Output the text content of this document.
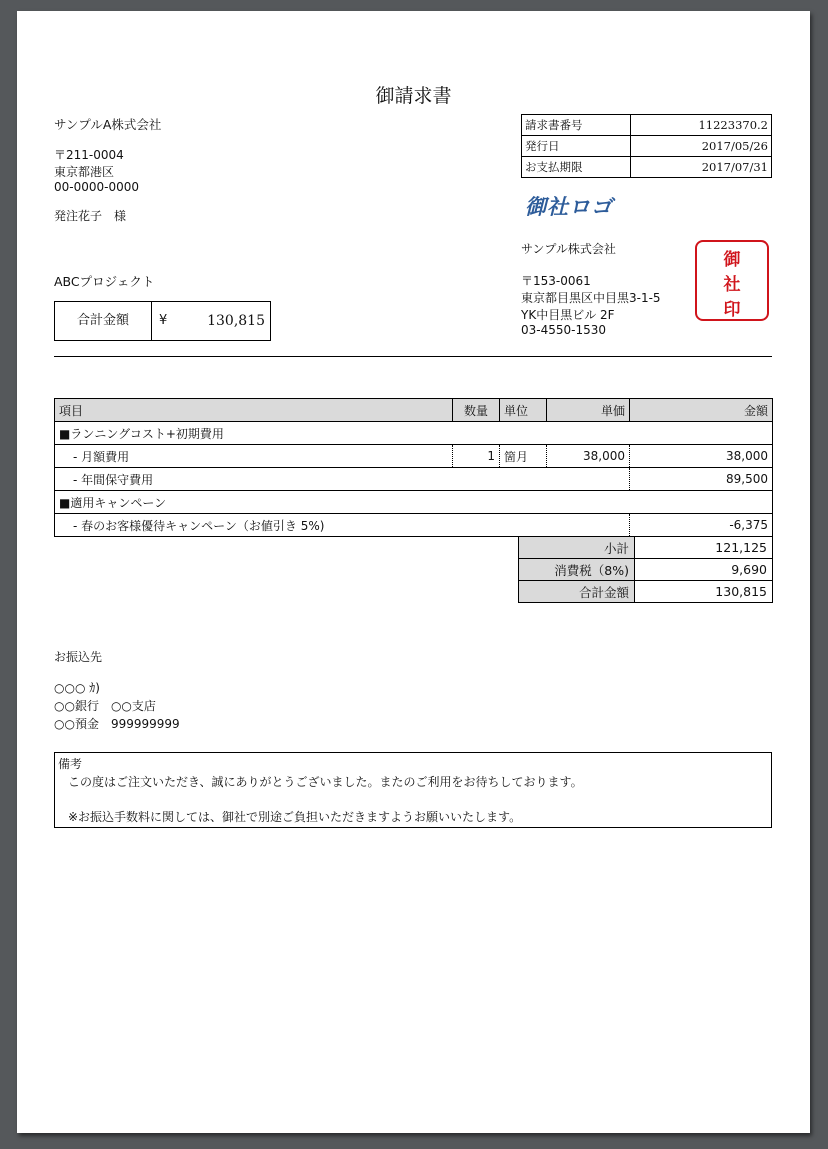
御請求書
サンプルA株式会社
〒211-0004
東京都港区
00-0000-0000
発注花子　様
ABCプロジェクト
合計金額	¥	130,815
請求書番号	11223370.2
発行日	2017/05/26
お支払期限	2017/07/31
御社ロゴ
サンプル株式会社
〒153-0061
東京都目黒区中目黒3-1-5
YK中目黒ビル 2F
03-4550-1530
御
社
印
項目	数量	単位	単価	金額
■ランニングコスト+初期費用				
- 月額費用	1	箇月	38,000	38,000
- 年間保守費用				89,500
■適用キャンペーン				
- 春のお客様優待キャンペーン（お値引き 5%)				-6,375
小計	121,125
消費税（8%)	9,690
合計金額	130,815
お振込先
○○○ ｶ)
○○銀行　○○支店
○○預金　999999999
備考
この度はご注文いただき、誠にありがとうございました。またのご利用をお待ちしております。
※お振込手数料に関しては、御社で別途ご負担いただきますようお願いいたします。
